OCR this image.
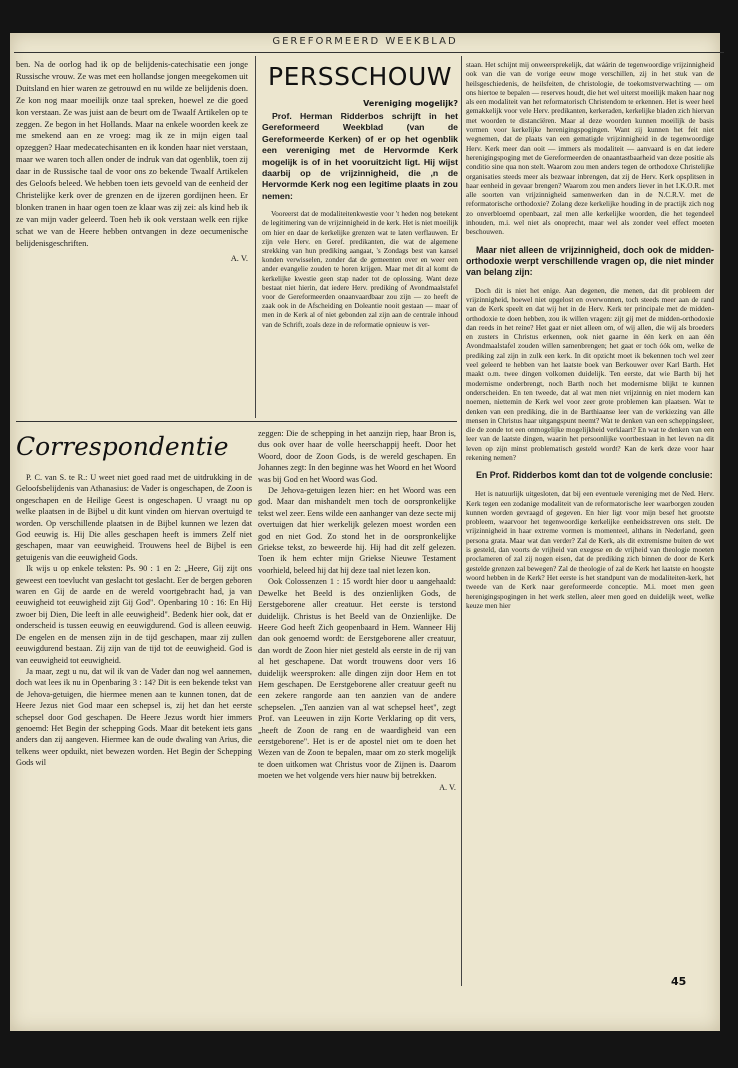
GEREFORMEERD WEEKBLAD

ben. Na de oorlog had ik op de belijdenis-catechisatie een jonge Russische vrouw. Ze was met een hollandse jongen meegekomen uit Duitsland en hier waren ze getrouwd en nu wilde ze belijdenis doen. Ze kon nog maar moeilijk onze taal spreken, hoewel ze die goed kon verstaan. Ze was juist aan de beurt om de Twaalf Artikelen op te zeggen. Ze begon in het Hollands. Maar na enkele woorden keek ze me smekend aan en ze vroeg: mag ik ze in mijn eigen taal opzeggen? Haar medecatechisanten en ik konden haar niet verstaan, maar we waren toch allen onder de indruk van dat ogenblik, toen zij daar in de Russische taal de voor ons zo bekende Twaalf Artikelen des Geloofs beleed. We hebben toen iets gevoeld van de eenheid der Christelijke kerk over de grenzen en de ijzeren gordijnen heen. Er blonken tranen in haar ogen toen ze klaar was zij zei: als kind heb ik ze van mijn vader geleerd. Toen heb ik ook verstaan welk een rijke schat we van de Heere hebben ontvangen in deze oecumenische belijdenisgeschriften.

A. V.

PERSSCHOUW
Vereniging mogelijk?

Prof. Herman Ridderbos schrijft in het Gereformeerd Weekblad (van de Gereformeerde Kerken) of er op het ogenblik een vereniging met de Hervormde Kerk mogelijk is of in het vooruitzicht ligt. Hij wijst daarbij op de vrijzinnigheid, die ,n de Hervormde Kerk nog een legitime plaats in zou nemen:

Vooreerst dat de modaliteitenkwestie voor 't heden nog betekent de legitimering van de vrijzinnigheid in de kerk. Het is niet moeilijk om hier en daar de kerkelijke grenzen wat te laten verflauwen. Er zijn vele Herv. en Geref. predikanten, die wat de algemene strekking van hun prediking aangaat, 's Zondags best van kansel konden verwisselen, zonder dat de gemeenten over en weer een ander evangelie zouden te horen krijgen. Maar met dit al komt de kerkelijke kwestie geen stap nader tot de oplossing. Want deze bestaat niet hierin, dat iedere Herv. prediking of Avondmaalstafel voor de Gereformeerden onaanvaardbaar zou zijn — zo heeft de zaak ook in de Afscheiding en Doleantie nooit gestaan — maar of men in de Kerk al of niet gebonden zal zijn aan de centrale inhoud van de Schrift, zoals deze in de reformatie opnieuw is ver-

staan. Het schijnt mij onweersprekelijk, dat wáárin de tegenwoordige vrijzinnigheid ook van die van de vorige eeuw moge verschillen, zij in het stuk van de heilsgeschiedenis, de heilsfeiten, de christologie, de toekomstverwachting — om ons hiertoe te bepalen — reserves houdt, die het wel uiterst moeilijk maken haar nog als een modaliteit van het reformatorisch Christendom te erkennen. Het is weer heel gemakkelijk voor vele Herv. predikanten, kerkeraden, kerkelijke bladen zich hiervan met woorden te distanciëren. Maar al deze woorden kunnen moeilijk de basis vormen voor kerkelijke herenigingspogingen. Want zij kunnen het feit niet wegnemen, dat de plaats van een gematigde vrijzinnigheid in de tegenwoordige Herv. Kerk meer dan ooit — immers als modaliteit — aanvaard is en dat iedere herenigingspoging met de Gereformeerden de onaantastbaarheid van deze positie als conditio sine qua non stelt. Waarom zou men anders tegen de orthodoxe Christelijke organisaties steeds meer als bezwaar inbrengen, dat zij de Herv. Kerk opsplitsen in haar eenheid in gevaar brengen? Waarom zou men anders liever in het I.K.O.R. met alle soorten van vrijzinnigheid samenwerken dan in de N.C.R.V. met de reformatorische orthodoxie? Zolang deze kerkelijke houding in de practijk zich nog zo onverbloemd openbaart, zal men alle kerkelijke woorden, die het tegendeel inhouden, m.i. wel niet als onoprecht, maar wel als zonder veel effect moeten beschouwen.

Maar niet alleen de vrijzinnigheid, doch ook de midden-orthodoxie werpt verschillende vragen op, die niet minder van belang zijn:

Doch dit is niet het enige. Aan degenen, die menen, dat dit probleem der vrijzinnigheid, hoewel niet opgelost en overwonnen, toch steeds meer aan de rand van de Kerk speelt en dat wij het in de Herv. Kerk ter principale met de midden-orthodoxie te doen hebben, zou ik willen vragen: zijt gij met de midden-orthodoxie dan reeds in het reine? Het gaat er niet alleen om, of wij allen, die wij als broeders en zusters in Christus erkennen, ook niet gaarne in één kerk en aan één Avondmaalstafel zouden willen samenbrengen; het gaat er toch óók om, welke de prediking zal zijn in zulk een kerk. In dit opzicht moet ik bekennen toch wel zeer veel geleerd te hebben van het laatste boek van Berkouwer over Karl Barth. Het maakt o.m. twee dingen volkomen duidelijk. Ten eerste, dat wie Barth bij het modernisme onderbrengt, noch Barth noch het modernisme blijkt te kunnen onderscheiden. En ten tweede, dat al wat men niet vrijzinnig en niet modern kan noemen, niettemin de Kerk wel voor zeer grote problemen kan plaatsen. Wat te denken van een prediking, die in de Barthiaanse leer van de verkiezing van álle mensen in Christus haar uitgangspunt neemt? Wat te denken van een scheppingsleer, die de zonde tot een onmogelijke mogelijkheid verklaart? En wat te denken van een leer van de laatste dingen, waarin het persoonlijke voortbestaan in het leven na dit leven op zijn minst problematisch gesteld wordt? Kan de kerk deze voor haar rekening nemen?

En Prof. Ridderbos komt dan tot de volgende conclusie:

Het is natuurlijk uitgesloten, dat bij een eventuele vereniging met de Ned. Herv. Kerk tegen een zodanige modaliteit van de reformatorische leer waarborgen zouden kunnen worden gevraagd of gegeven. En hier ligt voor mijn besef het grootste probleem, waarvoor het tegenwoordige kerkelijke eenheidsstreven ons stelt. De vrijzinnigheid in haar extreme vormen is momenteel, althans in Nederland, geen persona grata. Maar wat dan verder? Zal de Kerk, als dit extremisme buiten de wet is gesteld, dan voorts de vrijheid van exegese en de vrijheid van theologie moeten proclameren of zal zij nogen eisen, dat de prediking zich binnen de door de Kerk gestelde grenzen zal bewegen? Zal de theologie of zal de Kerk het laatste en hoogste woord hebben in de Kerk? Het eerste is het standpunt van de modaliteiten-kerk, het tweede van de Kerk naar gereformeerde conceptie. M.i. moet men geen herenigingspogingen in het werk stellen, aleer men goed en duidelijk weet, welke keuze men hier

Correspondentie

P. C. van S. te R.: U weet niet goed raad met de uitdrukking in de Geloofsbelijdenis van Athanasius: de Vader is ongeschapen, de Zoon is ongeschapen en de Heilige Geest is ongeschapen. U vraagt nu op welke plaatsen in de Bijbel u dit kunt vinden om hiervan overtuigd te worden. Op verschillende plaatsen in de Bijbel kunnen we lezen dat God eeuwig is. Hij Die alles geschapen heeft is immers Zelf niet geschapen, maar van eeuwigheid. Trouwens heel de Bijbel is een getuigenis van die eeuwigheid Gods.

Ik wijs u op enkele teksten: Ps. 90 : 1 en 2: „Heere, Gij zijt ons geweest een toevlucht van geslacht tot geslacht. Eer de bergen geboren waren en Gij de aarde en de wereld voortgebracht had, ja van eeuwigheid tot eeuwigheid zijt Gij God". Openbaring 10 : 16: En Hij zwoer bij Dien, Die leeft in alle eeuwigheid". Bedenk hier ook, dat er onderscheid is tussen eeuwig en eeuwigdurend. God is alleen eeuwig. De engelen en de mensen zijn in de tijd geschapen, maar zij zullen eeuwigdurend bestaan. Zij zijn van de tijd tot de eeuwigheid. God is van eeuwigheid tot eeuwigheid.

Ja maar, zegt u nu, dat wil ik van de Vader dan nog wel aannemen, doch wat lees ik nu in Openbaring 3 : 14? Dit is een bekende tekst van de Jehova-getuigen, die hiermee menen aan te kunnen tonen, dat de Heere Jezus niet God maar een schepsel is, zij het dan het eerste schepsel door God geschapen. De Heere Jezus wordt hier immers genoemd: Het Begin der schepping Gods. Maar dit betekent iets gans anders dan zij aangeven. Hiermee kan de oude dwaling van Arius, die telkens weer opduikt, niet bewezen worden. Het Begin der Schepping Gods wil

zeggen: Die de schepping in het aanzijn riep, haar Bron is, dus ook over haar de volle heerschappij heeft. Door het Woord, door de Zoon Gods, is de wereld geschapen. En Johannes zegt: In den beginne was het Woord en het Woord was bij God en het Woord was God.

De Jehova-getuigen lezen hier: en het Woord was een god. Maar dan mishandelt men toch de oorspronkelijke tekst wel zeer. Eens wilde een aanhanger van deze secte mij overtuigen dat hier werkelijk gelezen moest worden een god en niet God. Zo stond het in de oorspronkelijke Griekse tekst, zo beweerde hij. Hij had dit zelf gelezen. Toen ik hem echter mijn Griekse Nieuwe Testament voorhield, beleed hij dat hij deze taal niet lezen kon.

Ook Colossenzen 1 : 15 wordt hier door u aangehaald: Dewelke het Beeld is des onzienlijken Gods, de Eerstgeborene aller creatuur. Het eerste is terstond duidelijk. Christus is het Beeld van de Onzienlijke. De Heere God heeft Zich geopenbaard in Hem. Wanneer Hij dan ook genoemd wordt: de Eerstgeborene aller creatuur, dan wordt de Zoon hier niet gesteld als eerste in de rij van al het geschapene. Dat wordt trouwens door vers 16 duidelijk weersproken: alle dingen zijn door Hem en tot Hem geschapen. De Eerstgeborene aller creatuur geeft nu een zekere rangorde aan ten aanzien van de andere schepselen. „Ten aanzien van al wat schepsel heet", zegt Prof. van Leeuwen in zijn Korte Verklaring op dit vers, „heeft de Zoon de rang en de waardigheid van een eerstgeborene". Het is er de apostel niet om te doen het Wezen van de Zoon te bepalen, maar om zo sterk mogelijk te doen uitkomen wat Christus voor de Zijnen is. Daarom moeten we het volgende vers hier nauw bij betrekken.

A. V.

45
